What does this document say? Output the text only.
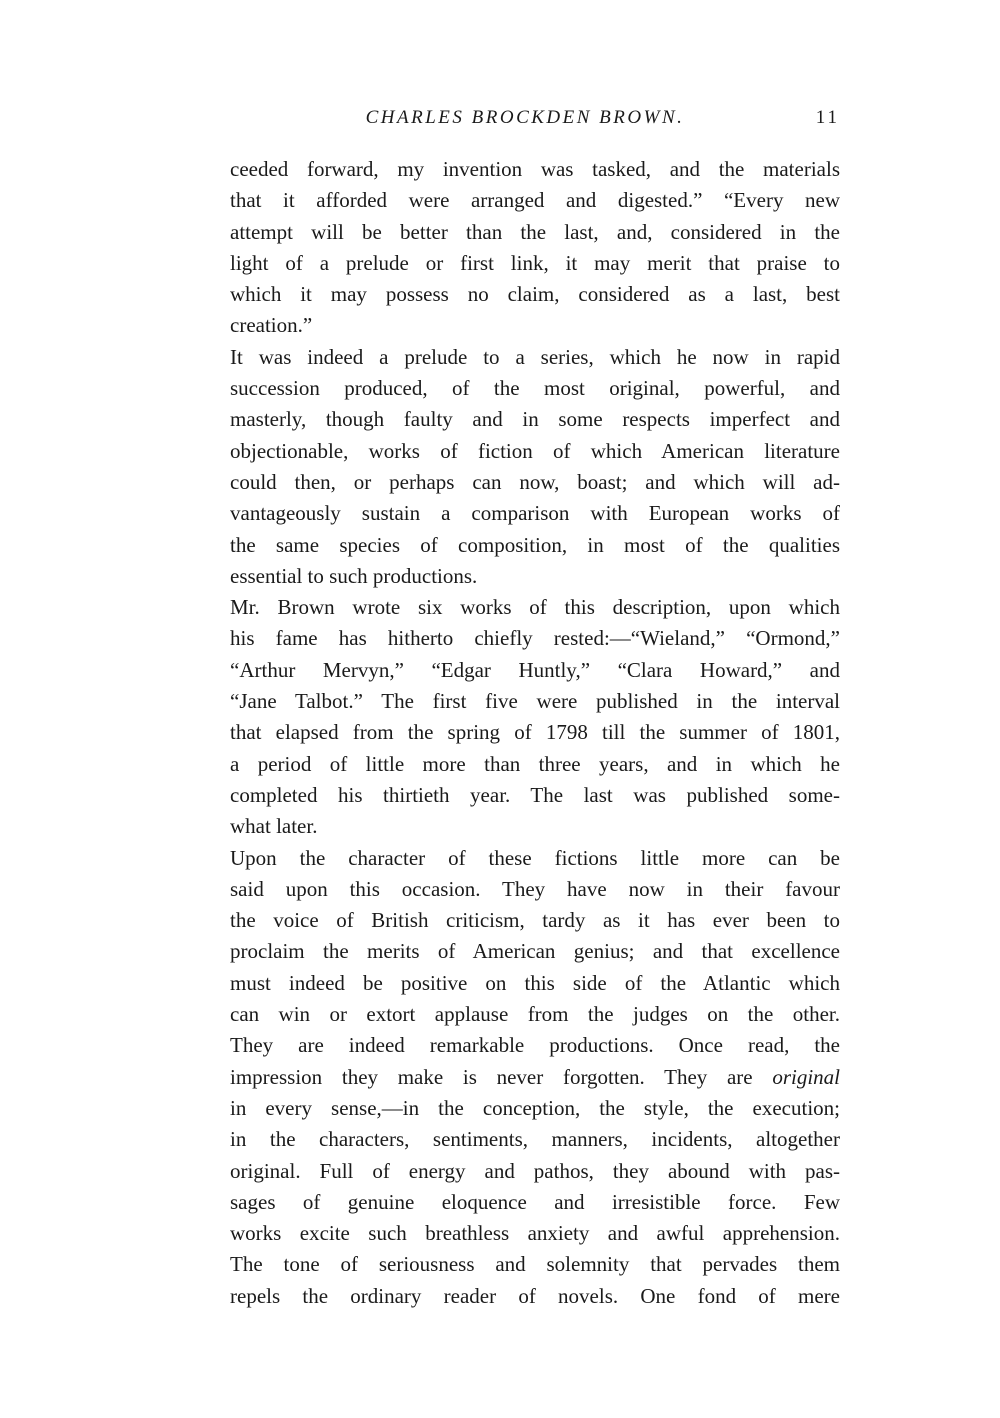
CHARLES BROCKDEN BROWN.	11
ceeded forward, my invention was tasked, and the materials
that it afforded were arranged and digested.” “Every new
attempt will be better than the last, and, considered in the
light of a prelude or first link, it may merit that praise to
which it may possess no claim, considered as a last, best
creation.”
It was indeed a prelude to a series, which he now in rapid
succession produced, of the most original, powerful, and
masterly, though faulty and in some respects imperfect and
objectionable, works of fiction of which American literature
could then, or perhaps can now, boast; and which will ad-
vantageously sustain a comparison with European works of
the same species of composition, in most of the qualities
essential to such productions.
Mr. Brown wrote six works of this description, upon which
his fame has hitherto chiefly rested:—“Wieland,” “Ormond,”
“Arthur Mervyn,” “Edgar Huntly,” “Clara Howard,” and
“Jane Talbot.” The first five were published in the interval
that elapsed from the spring of 1798 till the summer of 1801,
a period of little more than three years, and in which he
completed his thirtieth year. The last was published some-
what later.
Upon the character of these fictions little more can be
said upon this occasion. They have now in their favour
the voice of British criticism, tardy as it has ever been to
proclaim the merits of American genius; and that excellence
must indeed be positive on this side of the Atlantic which
can win or extort applause from the judges on the other.
They are indeed remarkable productions. Once read, the
impression they make is never forgotten. They are original
in every sense,—in the conception, the style, the execution;
in the characters, sentiments, manners, incidents, altogether
original. Full of energy and pathos, they abound with pas-
sages of genuine eloquence and irresistible force. Few
works excite such breathless anxiety and awful apprehension.
The tone of seriousness and solemnity that pervades them
repels the ordinary reader of novels. One fond of mere
